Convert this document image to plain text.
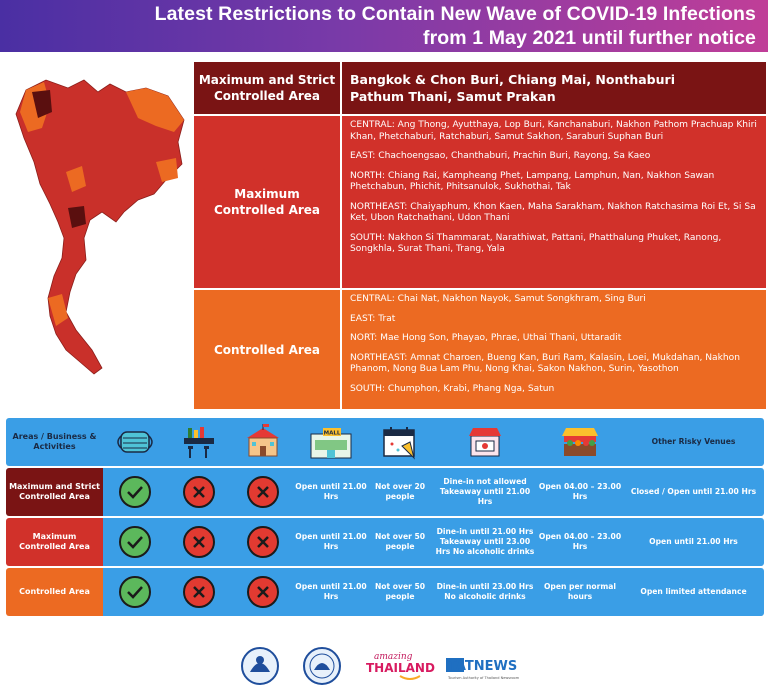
Latest Restrictions to Contain New Wave of COVID-19 Infections
from 1 May 2021 until further notice
Maximum and Strict Controlled Area
Bangkok & Chon Buri, Chiang Mai, Nonthaburi
Pathum Thani, Samut Prakan
Maximum Controlled Area

CENTRAL: Ang Thong, Ayutthaya, Lop Buri, Kanchanaburi, Nakhon Pathom Prachuap Khiri Khan, Phetchaburi, Ratchaburi, Samut Sakhon, Saraburi Suphan Buri

EAST: Chachoengsao, Chanthaburi, Prachin Buri, Rayong, Sa Kaeo

NORTH: Chiang Rai, Kampheang Phet, Lampang, Lamphun, Nan, Nakhon Sawan Phetchabun, Phichit, Phitsanulok, Sukhothai, Tak

NORTHEAST: Chaiyaphum, Khon Kaen, Maha Sarakham, Nakhon Ratchasima Roi Et, Si Sa Ket, Ubon Ratchathani, Udon Thani

SOUTH: Nakhon Si Thammarat, Narathiwat, Pattani, Phatthalung Phuket, Ranong, Songkhla, Surat Thani, Trang, Yala

Controlled Area

CENTRAL: Chai Nat, Nakhon Nayok, Samut Songkhram, Sing Buri

EAST: Trat

NORT: Mae Hong Son, Phayao, Phrae, Uthai Thani, Uttaradit

NORTHEAST: Amnat Charoen, Bueng Kan, Buri Ram, Kalasin, Loei, Mukdahan, Nakhon Phanom, Nong Bua Lam Phu, Nong Khai, Sakon Nakhon, Surin, Yasothon

SOUTH: Chumphon, Krabi, Phang Nga, Satun

Areas / Business & Activities
MALL
Other Risky Venues
Maximum and Strict Controlled Area
Open until 21.00 Hrs
Not over 20 people
Dine-in not allowed Takeaway until 21.00 Hrs
Open 04.00 – 23.00 Hrs
Closed / Open until 21.00 Hrs
Maximum Controlled Area
Open until 21.00 Hrs
Not over 50 people
Dine-in until 21.00 Hrs Takeaway until 23.00 Hrs No alcoholic drinks
Open 04.00 – 23.00 Hrs
Open until 21.00 Hrs
Controlled Area
Open until 21.00 Hrs
Not over 50 people
Dine-in until 23.00 Hrs No alcoholic drinks
Open per normal hours
Open limited attendance
amazing
THAILAND TATNEWS
Tourism Authority of Thailand Newsroom
